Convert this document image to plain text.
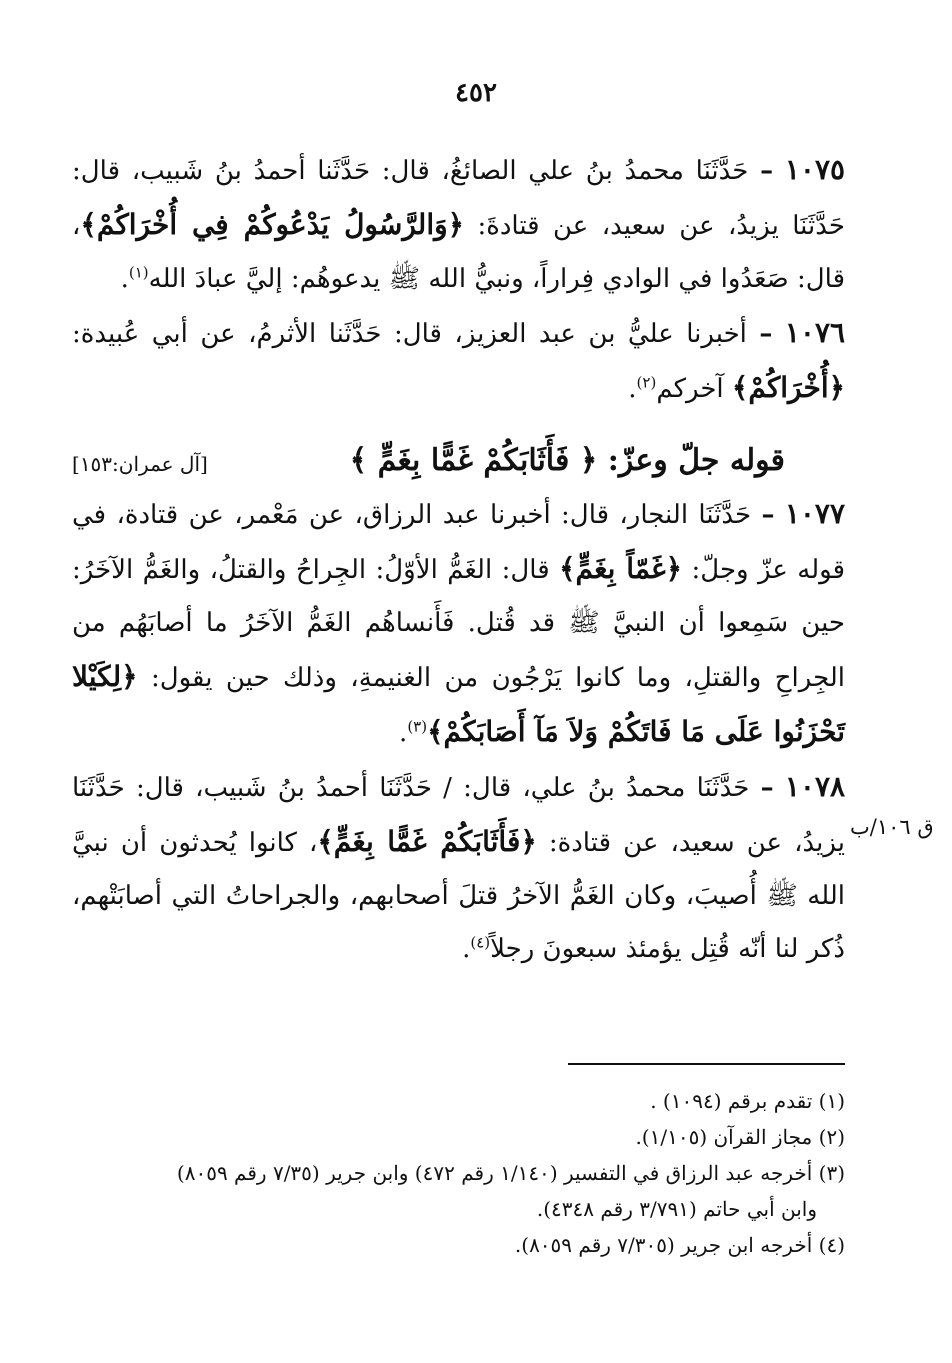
٤٥٢
ق ١٠٦/ب

١٠٧٥ – حَدَّثَنَا محمدُ بنُ علي الصائغُ، قال: حَدَّثَنا أحمدُ بنُ شَبيب، قال: حَدَّثَنَا يزيدُ، عن سعيد، عن قتادةَ: ﴿وَالرَّسُولُ يَدْعُوكُمْ فِي أُخْرَاكُمْ﴾، قال: صَعَدُوا في الوادي فِراراً، ونبيُّ الله ﷺ يدعوهُم: إليَّ عبادَ الله$^{(١)}$.

١٠٧٦ – أخبرنا عليُّ بن عبد العزيز، قال: حَدَّثَنا الأثرمُ، عن أبي عُبيدة: ﴿أُخْرَاكُمْ﴾ آخركم$^{(٢)}$.

قوله جلّ وعزّ: ﴿ فَأَثَابَكُمْ غَمًّا بِغَمٍّ ﴾
[آل عمران:١٥٣]

١٠٧٧ – حَدَّثَنَا النجار، قال: أخبرنا عبد الرزاق، عن مَعْمر، عن قتادة، في قوله عزّ وجلّ: ﴿غَمّاً بِغَمٍّ﴾ قال: الغَمُّ الأوّلُ: الجِراحُ والقتلُ، والغَمُّ الآخَرُ: حين سَمِعوا أن النبيَّ ﷺ قد قُتل. فَأَنساهُم الغَمُّ الآخَرُ ما أصابَهُم من الجِراحِ والقتلِ، وما كانوا يَرْجُون من الغنيمةِ، وذلك حين يقول: ﴿لِكَيْلا تَحْزَنُوا عَلَى مَا فَاتَكُمْ وَلاَ مَآ أَصَابَكُمْ﴾$^{(٣)}$.

١٠٧٨ – حَدَّثَنَا محمدُ بنُ علي، قال: / حَدَّثَنَا أحمدُ بنُ شَبيب، قال: حَدَّثَنَا يزيدُ، عن سعيد، عن قتادة: ﴿فَأَثَابَكُمْ غَمًّا بِغَمٍّ﴾، كانوا يُحدثون أن نبيَّ الله ﷺ أُصيبَ، وكان الغَمُّ الآخرُ قتلَ أصحابهم، والجراحاتُ التي أصابَتْهم، ذُكر لنا أنّه قُتِل يؤمئذ سبعونَ رجلاً$^{(٤)}$.

(١) تقدم برقم (١٠٩٤) .

(٢) مجاز القرآن (١/١٠٥).

(٣) أخرجه عبد الرزاق في التفسير (١/١٤٠ رقم ٤٧٢) وابن جرير (٧/٣٥ رقم ٨٠٥٩)

وابن أبي حاتم (٣/٧٩١ رقم ٤٣٤٨).

(٤) أخرجه ابن جرير (٧/٣٠٥ رقم ٨٠٥٩).
